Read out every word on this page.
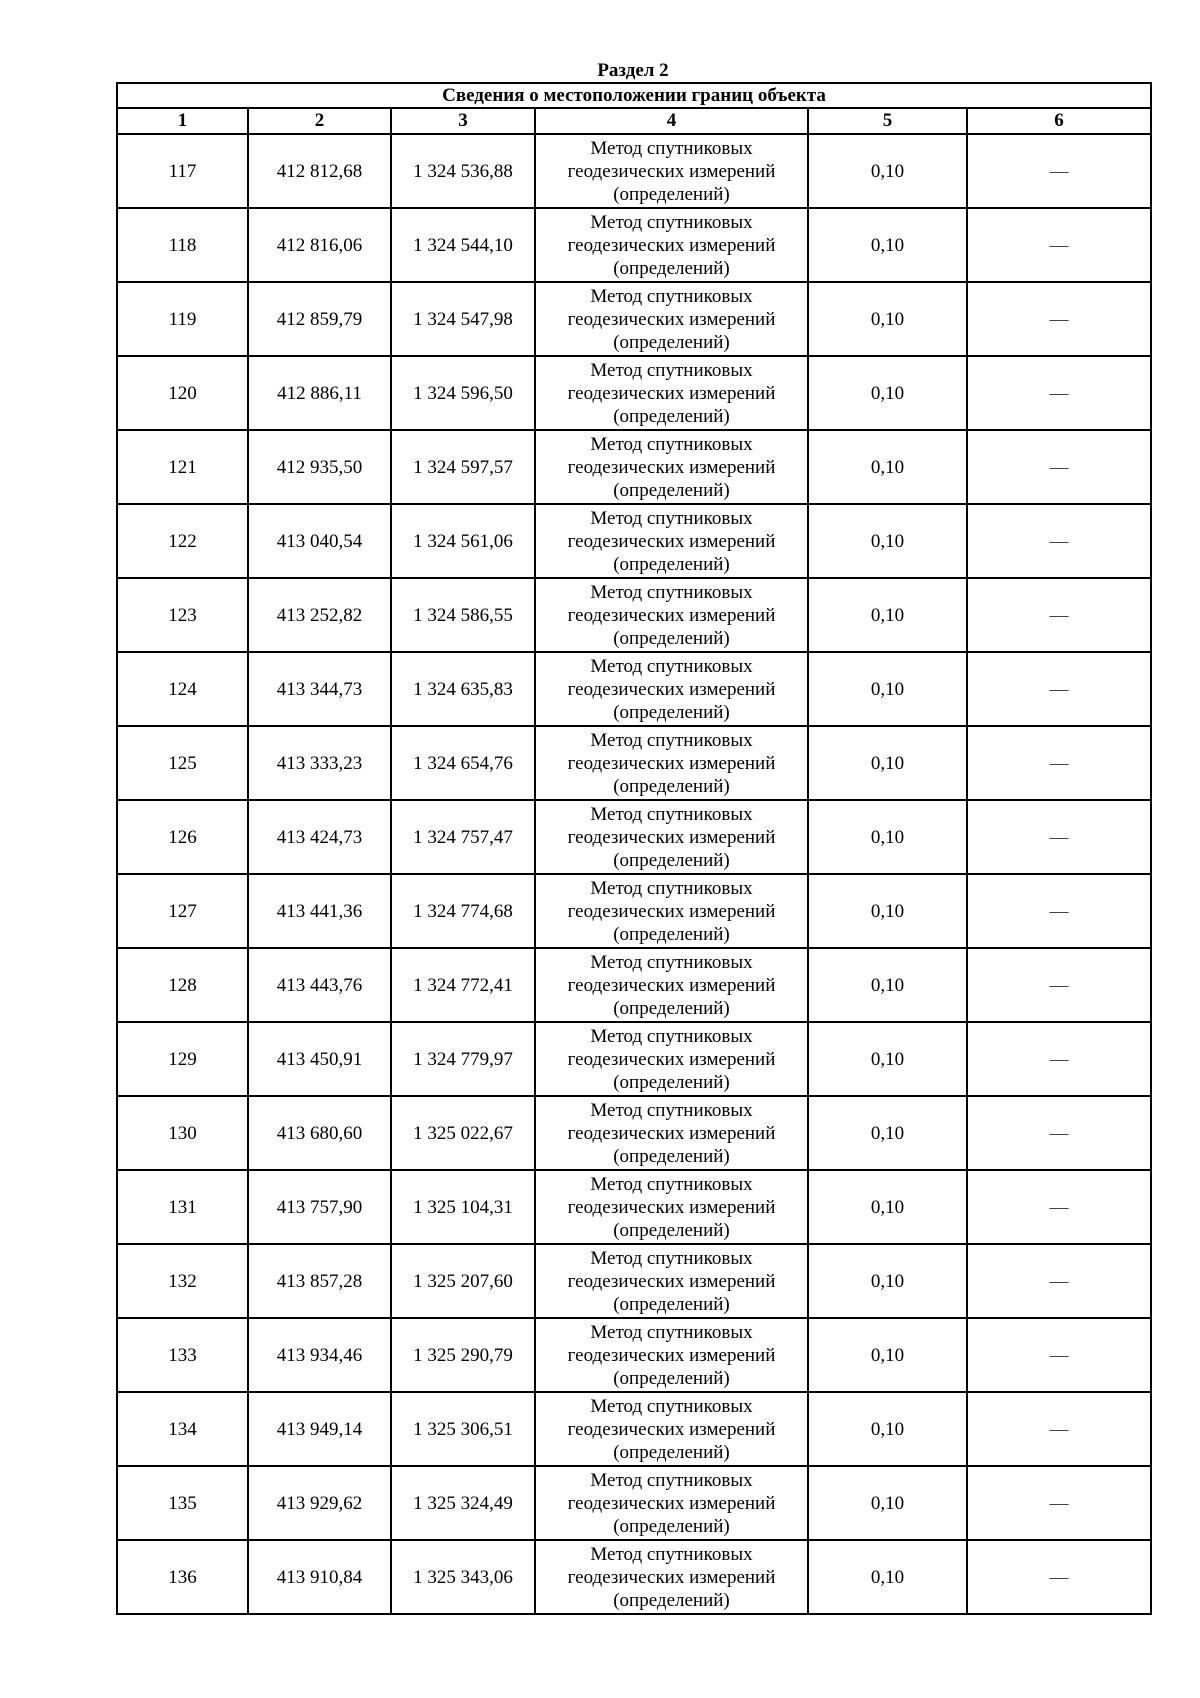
Раздел 2
Сведения о местоположении границ объекта					
1	2	3	4	5	6
117	412 812,68	1 324 536,88	Метод спутниковых геодезических измерений (определений)	0,10	—
118	412 816,06	1 324 544,10	Метод спутниковых геодезических измерений (определений)	0,10	—
119	412 859,79	1 324 547,98	Метод спутниковых геодезических измерений (определений)	0,10	—
120	412 886,11	1 324 596,50	Метод спутниковых геодезических измерений (определений)	0,10	—
121	412 935,50	1 324 597,57	Метод спутниковых геодезических измерений (определений)	0,10	—
122	413 040,54	1 324 561,06	Метод спутниковых геодезических измерений (определений)	0,10	—
123	413 252,82	1 324 586,55	Метод спутниковых геодезических измерений (определений)	0,10	—
124	413 344,73	1 324 635,83	Метод спутниковых геодезических измерений (определений)	0,10	—
125	413 333,23	1 324 654,76	Метод спутниковых геодезических измерений (определений)	0,10	—
126	413 424,73	1 324 757,47	Метод спутниковых геодезических измерений (определений)	0,10	—
127	413 441,36	1 324 774,68	Метод спутниковых геодезических измерений (определений)	0,10	—
128	413 443,76	1 324 772,41	Метод спутниковых геодезических измерений (определений)	0,10	—
129	413 450,91	1 324 779,97	Метод спутниковых геодезических измерений (определений)	0,10	—
130	413 680,60	1 325 022,67	Метод спутниковых геодезических измерений (определений)	0,10	—
131	413 757,90	1 325 104,31	Метод спутниковых геодезических измерений (определений)	0,10	—
132	413 857,28	1 325 207,60	Метод спутниковых геодезических измерений (определений)	0,10	—
133	413 934,46	1 325 290,79	Метод спутниковых геодезических измерений (определений)	0,10	—
134	413 949,14	1 325 306,51	Метод спутниковых геодезических измерений (определений)	0,10	—
135	413 929,62	1 325 324,49	Метод спутниковых геодезических измерений (определений)	0,10	—
136	413 910,84	1 325 343,06	Метод спутниковых геодезических измерений (определений)	0,10	—
